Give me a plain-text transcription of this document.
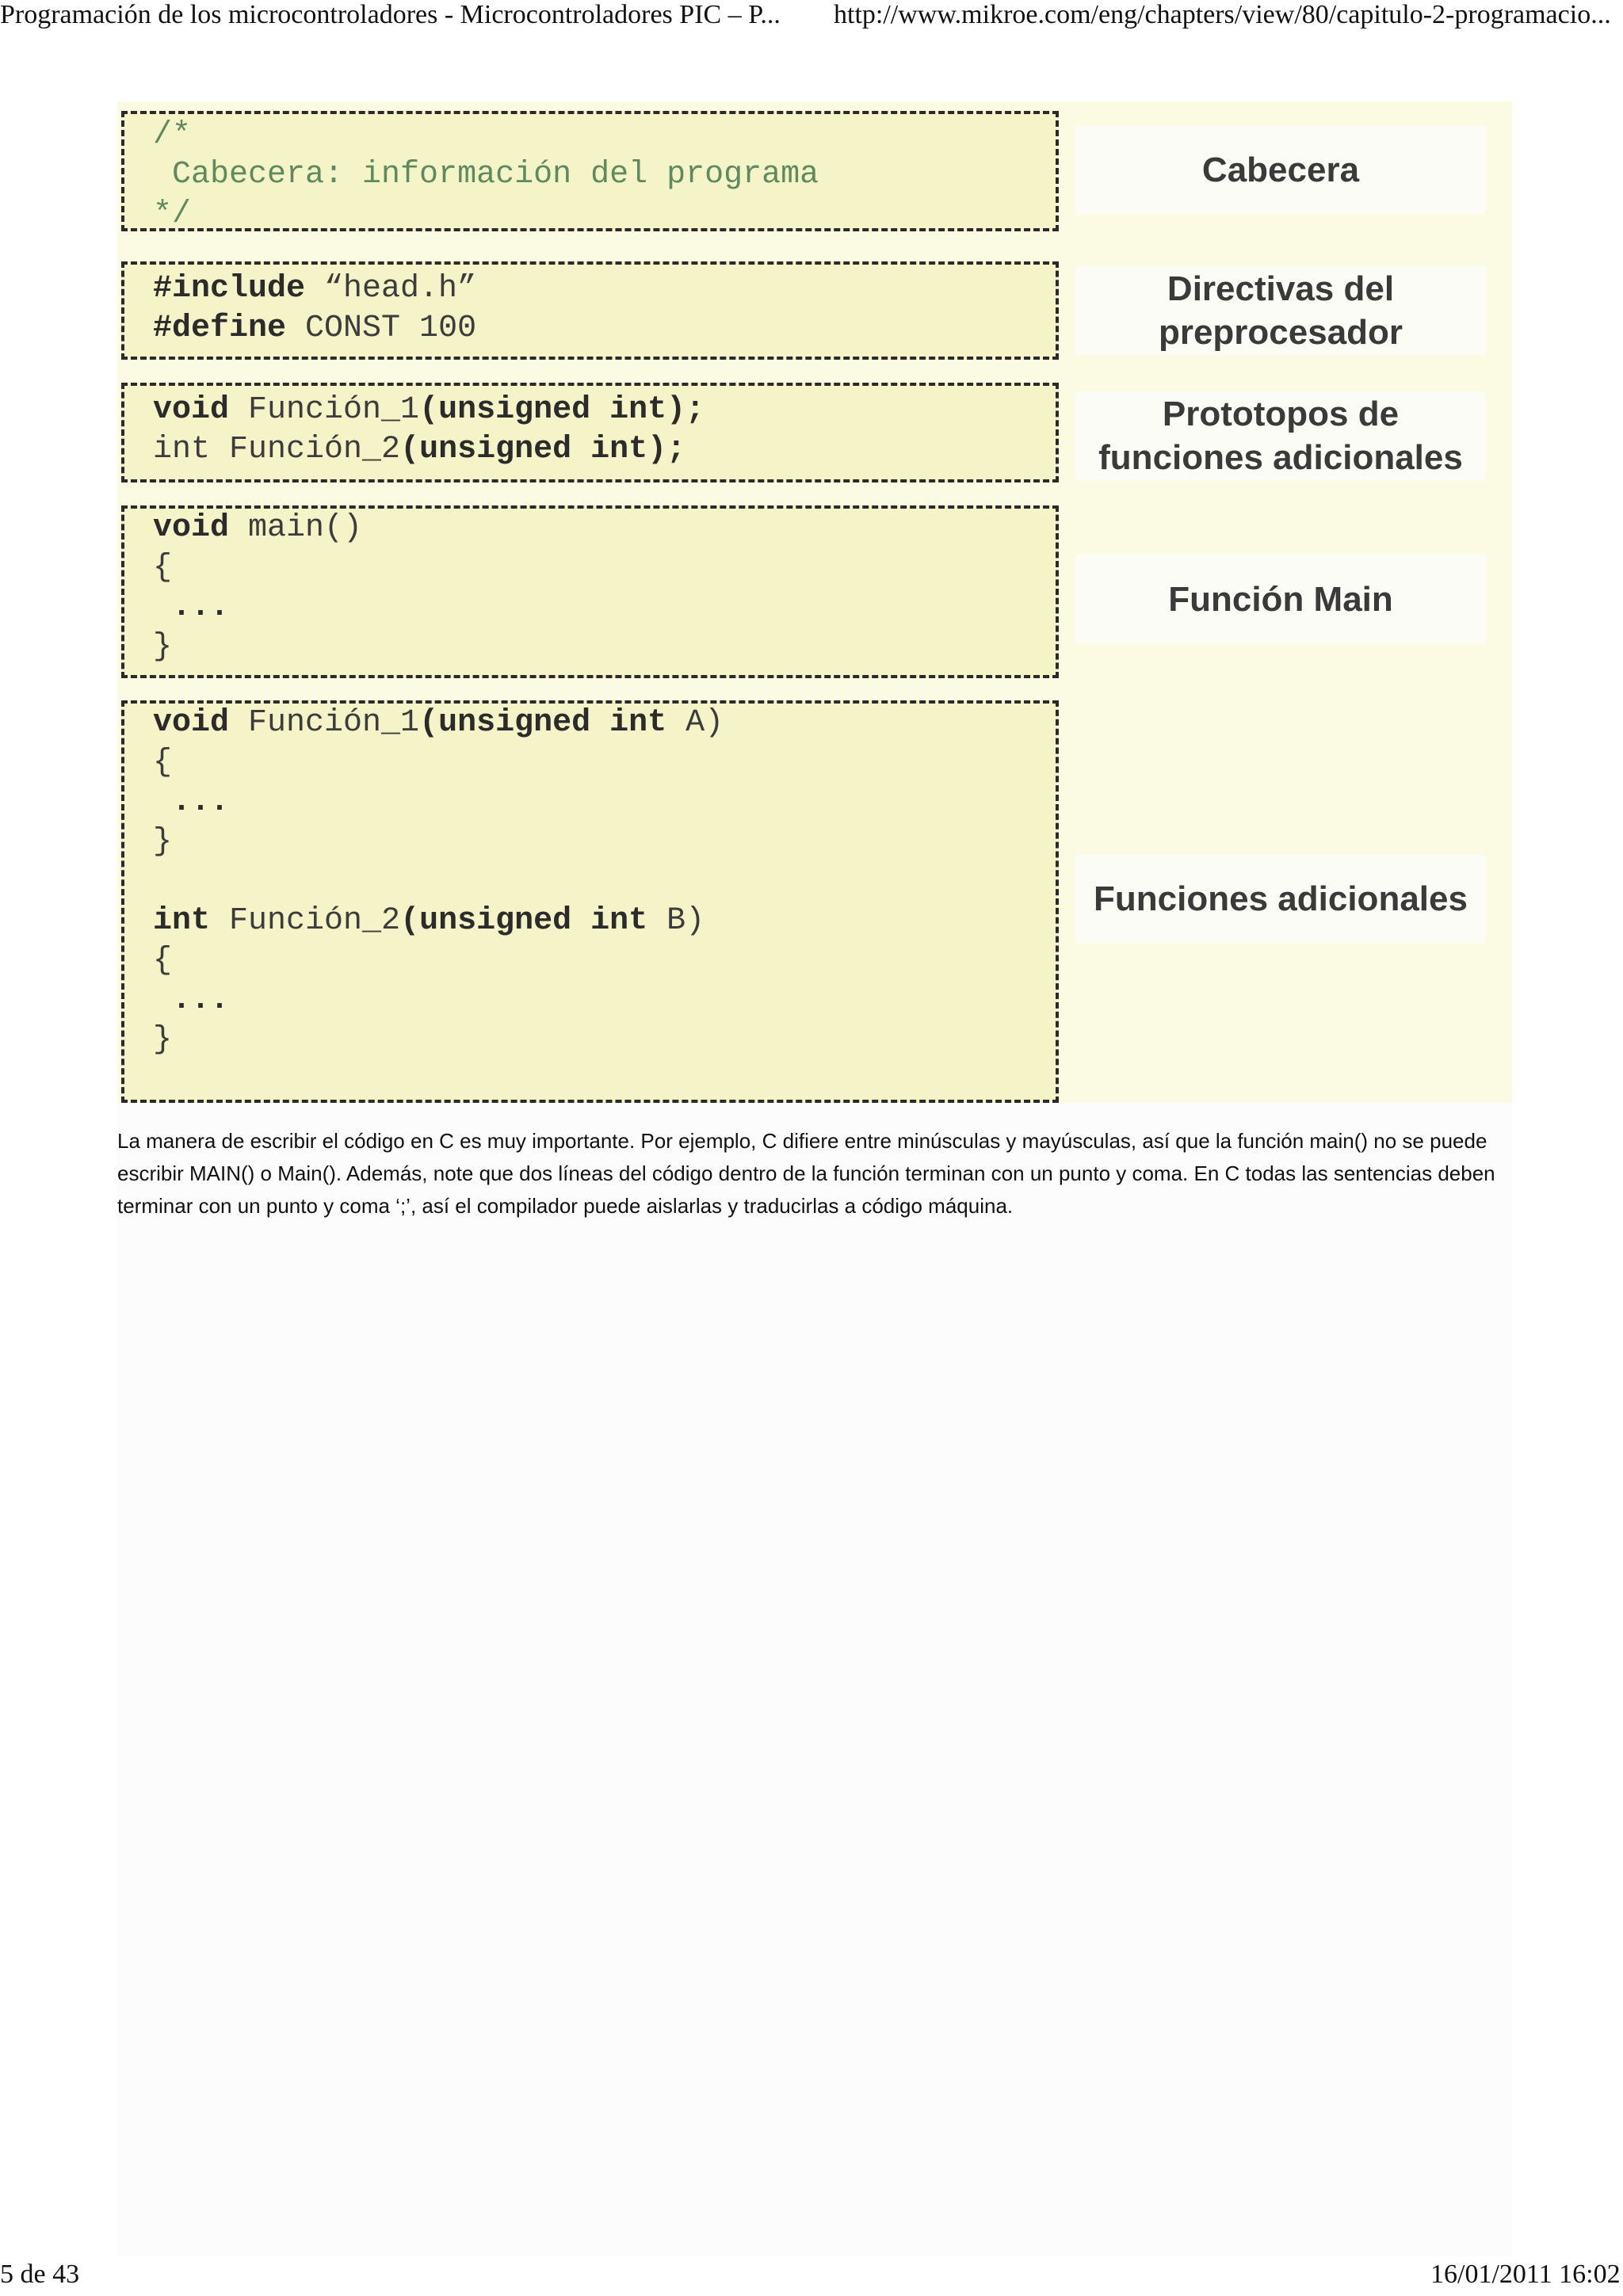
Programación de los microcontroladores - Microcontroladores PIC – P... http://www.mikroe.com/eng/chapters/view/80/capitulo-2-programacio...
/*
Cabecera: información del programa
*/
#include “head.h”
#define CONST 100
void Función_1(unsigned int);
int Función_2(unsigned int);
void main()
{
...
}
void Función_1(unsigned int A)
{
...
}

int Función_2(unsigned int B)
{
...
}
Cabecera
Directivas del preprocesador
Prototopos de funciones adicionales
Función Main
Funciones adicionales

La manera de escribir el código en C es muy importante. Por ejemplo, C difiere entre minúsculas y mayúsculas, así que la función main() no se puede escribir MAIN() o Main(). Además, note que dos líneas del código dentro de la función terminan con un punto y coma. En C todas las sentencias deben terminar con un punto y coma ‘;’, así el compilador puede aislarlas y traducirlas a código máquina.

5 de 43	16/01/2011 16:02
